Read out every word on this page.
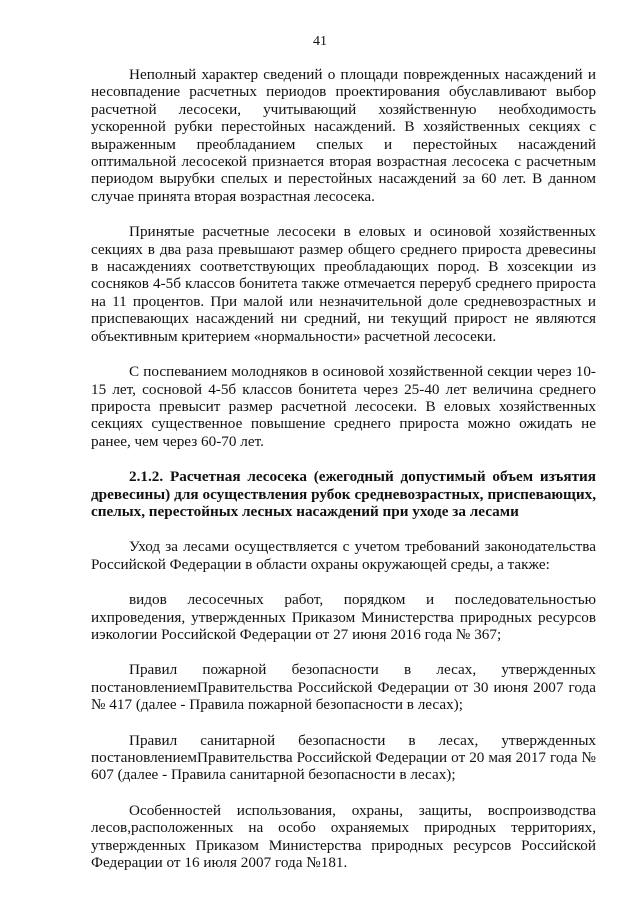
41

Неполный характер сведений о площади поврежденных насаждений и несовпадение расчетных периодов проектирования обуславливают выбор расчетной лесосеки, учитывающий хозяйственную необходимость ускоренной рубки перестойных насаждений. В хозяйственных секциях с выраженным преобладанием спелых и перестойных насаждений оптимальной лесосекой признается вторая возрастная лесосека с расчетным периодом вырубки спелых и перестойных насаждений за 60 лет. В данном случае принята вторая возрастная лесосека.

Принятые расчетные лесосеки в еловых и осиновой хозяйственных секциях в два раза превышают размер общего среднего прироста древесины в насаждениях соответствующих преобладающих пород. В хозсекции из сосняков 4-5б классов бонитета также отмечается переруб среднего прироста на 11 процентов. При малой или незначительной доле средневозрастных и приспевающих насаждений ни средний, ни текущий прирост не являются объективным критерием «нормальности» расчетной лесосеки.

С поспеванием молодняков в осиновой хозяйственной секции через 10-15 лет, сосновой 4-5б классов бонитета через 25-40 лет величина среднего прироста превысит размер расчетной лесосеки. В еловых хозяйственных секциях существенное повышение среднего прироста можно ожидать не ранее, чем через 60-70 лет.

2.1.2. Расчетная лесосека (ежегодный допустимый объем изъятия древесины) для осуществления рубок средневозрастных, приспевающих, спелых, перестойных лесных насаждений при уходе за лесами

Уход за лесами осуществляется с учетом требований законодательства Российской Федерации в области охраны окружающей среды, а также:

видов лесосечных работ, порядком и последовательностью ихпроведения, утвержденных Приказом Министерства природных ресурсов иэкологии Российской Федерации от 27 июня 2016 года № 367;

Правил пожарной безопасности в лесах, утвержденных постановлениемПравительства Российской Федерации от 30 июня 2007 года № 417 (далее - Правила пожарной безопасности в лесах);

Правил санитарной безопасности в лесах, утвержденных постановлениемПравительства Российской Федерации от 20 мая 2017 года № 607 (далее - Правила санитарной безопасности в лесах);

Особенностей использования, охраны, защиты, воспроизводства лесов,расположенных на особо охраняемых природных территориях, утвержденных Приказом Министерства природных ресурсов Российской Федерации от 16 июля 2007 года №181.
